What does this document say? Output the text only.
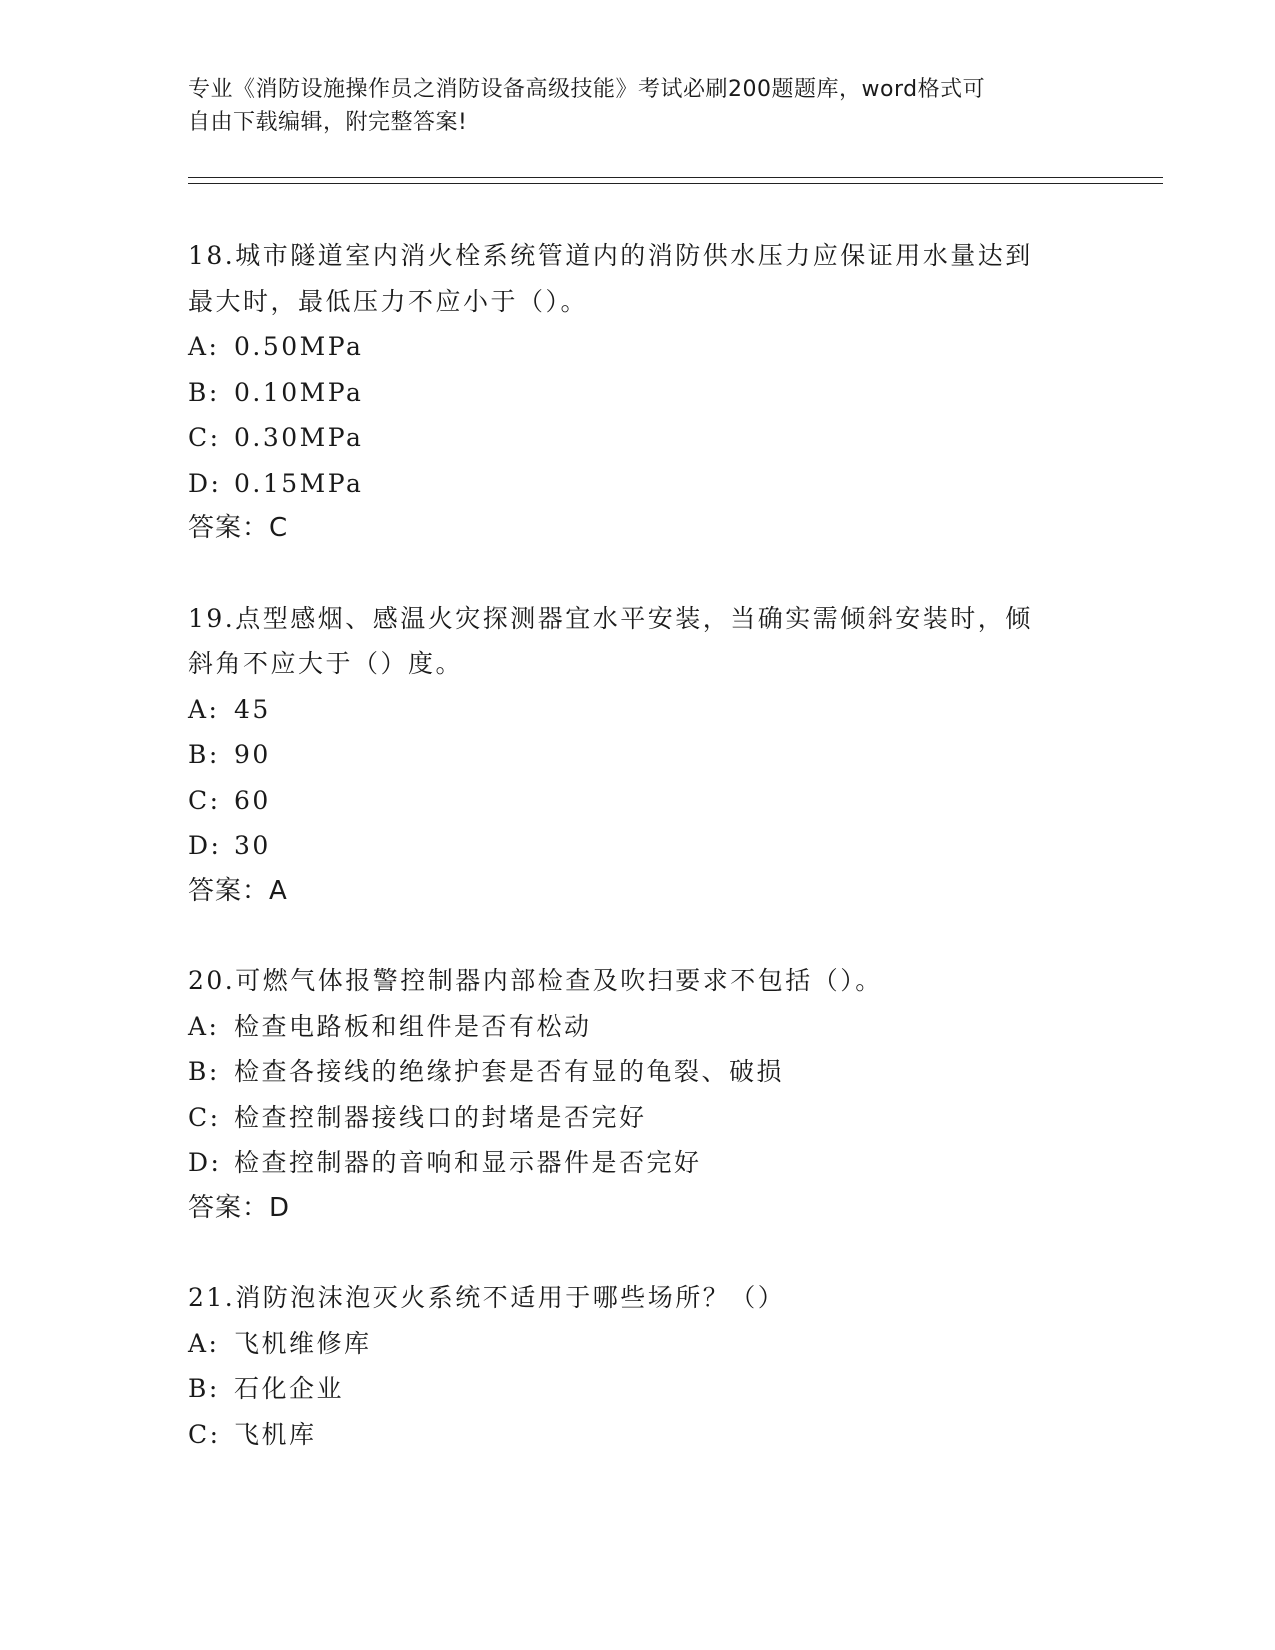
专业《消防设施操作员之消防设备高级技能》考试必刷200题题库，word格式可
自由下载编辑，附完整答案!
18.城市隧道室内消火栓系统管道内的消防供水压力应保证用水量达到
最大时，最低压力不应小于（）。
A: 0.50MPa
B: 0.10MPa
C: 0.30MPa
D: 0.15MPa
答案：C
19.点型感烟、感温火灾探测器宜水平安装，当确实需倾斜安装时，倾
斜角不应大于（）度。
A: 45
B: 90
C: 60
D: 30
答案：A
20.可燃气体报警控制器内部检查及吹扫要求不包括（）。
A: 检查电路板和组件是否有松动
B: 检查各接线的绝缘护套是否有显的龟裂、破损
C: 检查控制器接线口的封堵是否完好
D: 检查控制器的音响和显示器件是否完好
答案：D
21.消防泡沫泡灭火系统不适用于哪些场所？（）
A: 飞机维修库
B: 石化企业
C: 飞机库
